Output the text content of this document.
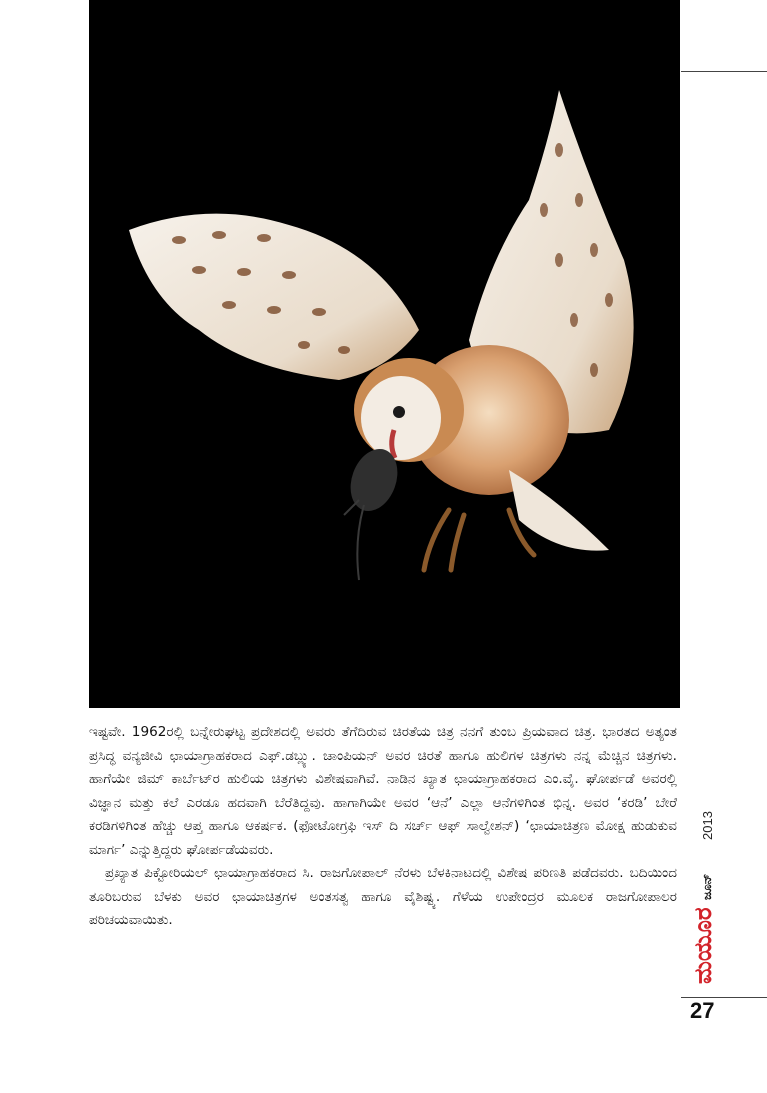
ಇಷ್ಟವೇ. 1962ರಲ್ಲಿ ಬನ್ನೇರುಘಟ್ಟ ಪ್ರದೇಶದಲ್ಲಿ ಅವರು ತೆಗೆದಿರುವ ಚಿರತೆಯ ಚಿತ್ರ ನನಗೆ ತುಂಬ ಪ್ರಿಯವಾದ ಚಿತ್ರ. ಭಾರತದ ಅತ್ಯಂತ ಪ್ರಸಿದ್ಧ ವನ್ಯಜೀವಿ ಛಾಯಾಗ್ರಾಹಕರಾದ ಎಫ್.ಡಬ್ಲ್ಯು. ಚಾಂಪಿಯನ್ ಅವರ ಚಿರತೆ ಹಾಗೂ ಹುಲಿಗಳ ಚಿತ್ರಗಳು ನನ್ನ ಮೆಚ್ಚಿನ ಚಿತ್ರಗಳು. ಹಾಗೆಯೇ ಜಿಮ್ ಕಾರ್ಬೆಟ್‌ರ ಹುಲಿಯ ಚಿತ್ರಗಳು ವಿಶೇಷವಾಗಿವೆ. ನಾಡಿನ ಖ್ಯಾತ ಛಾಯಾಗ್ರಾಹಕರಾದ ಎಂ.ವೈ. ಘೋರ್ಪಡೆ ಅವರಲ್ಲಿ ವಿಜ್ಞಾನ ಮತ್ತು ಕಲೆ ಎರಡೂ ಹದವಾಗಿ ಬೆರೆತಿದ್ದವು. ಹಾಗಾಗಿಯೇ ಅವರ ‘ಆನೆ’ ಎಲ್ಲಾ ಆನೆಗಳಿಗಿಂತ ಭಿನ್ನ. ಅವರ ‘ಕರಡಿ’ ಬೇರೆ ಕರಡಿಗಳಿಗಿಂತ ಹೆಚ್ಚು ಆಪ್ತ ಹಾಗೂ ಆಕರ್ಷಕ. (ಫೋಟೋಗ್ರಫಿ ಇಸ್ ದಿ ಸರ್ಚ್ ಆಫ್ ಸಾಲ್ವೇಶನ್) ‘ಛಾಯಾಚಿತ್ರಣ ಮೋಕ್ಷ ಹುಡುಕುವ ಮಾರ್ಗ’ ಎನ್ನುತ್ತಿದ್ದರು ಘೋರ್ಪಡೆಯವರು.

ಪ್ರಖ್ಯಾತ ಪಿಕ್ಟೋರಿಯಲ್ ಛಾಯಾಗ್ರಾಹಕರಾದ ಸಿ. ರಾಜಗೋಪಾಲ್ ನೆರಳು ಬೆಳಕಿನಾಟದಲ್ಲಿ ವಿಶೇಷ ಪರಿಣತಿ ಪಡೆದವರು. ಬದಿಯಿಂದ ತೂರಿಬರುವ ಬೆಳಕು ಅವರ ಛಾಯಾಚಿತ್ರಗಳ ಅಂತಸತ್ವ ಹಾಗೂ ವೈಶಿಷ್ಟ್ಯ. ಗೆಳೆಯ ಉಪೇಂದ್ರರ ಮೂಲಕ ರಾಜಗೋಪಾಲರ ಪರಿಚಯವಾಯಿತು.

2013
ಜೂನ್
ಮಯೂರ
27
